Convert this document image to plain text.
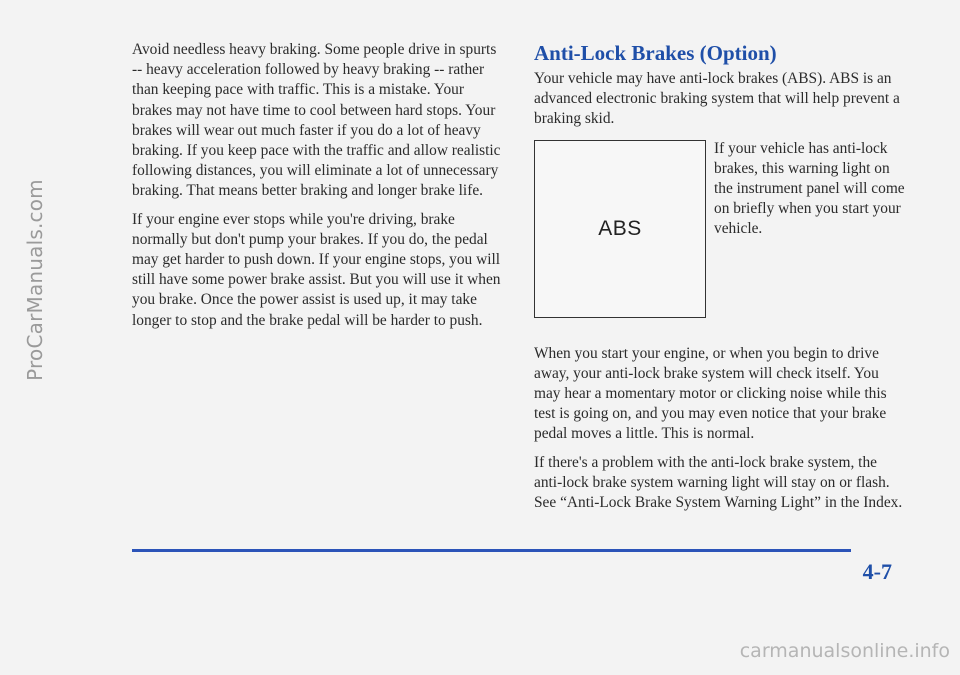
ProCarManuals.com

Avoid needless heavy braking. Some people drive in spurts -- heavy acceleration followed by heavy braking -- rather than keeping pace with traffic. This is a mistake. Your brakes may not have time to cool between hard stops. Your brakes will wear out much faster if you do a lot of heavy braking. If you keep pace with the traffic and allow realistic following distances, you will eliminate a lot of unnecessary braking. That means better braking and longer brake life.

If your engine ever stops while you're driving, brake normally but don't pump your brakes. If you do, the pedal may get harder to push down. If your engine stops, you will still have some power brake assist. But you will use it when you brake. Once the power assist is used up, it may take longer to stop and the brake pedal will be harder to push.

Anti-Lock Brakes (Option)

Your vehicle may have anti-lock brakes (ABS). ABS is an advanced electronic braking system that will help prevent a braking skid.

ABS

If your vehicle has anti-lock brakes, this warning light on the instrument panel will come on briefly when you start your vehicle.

When you start your engine, or when you begin to drive away, your anti-lock brake system will check itself. You may hear a momentary motor or clicking noise while this test is going on, and you may even notice that your brake pedal moves a little. This is normal.

If there's a problem with the anti-lock brake system, the anti-lock brake system warning light will stay on or flash. See “Anti-Lock Brake System Warning Light” in the Index.

4-7
carmanualsonline.info
